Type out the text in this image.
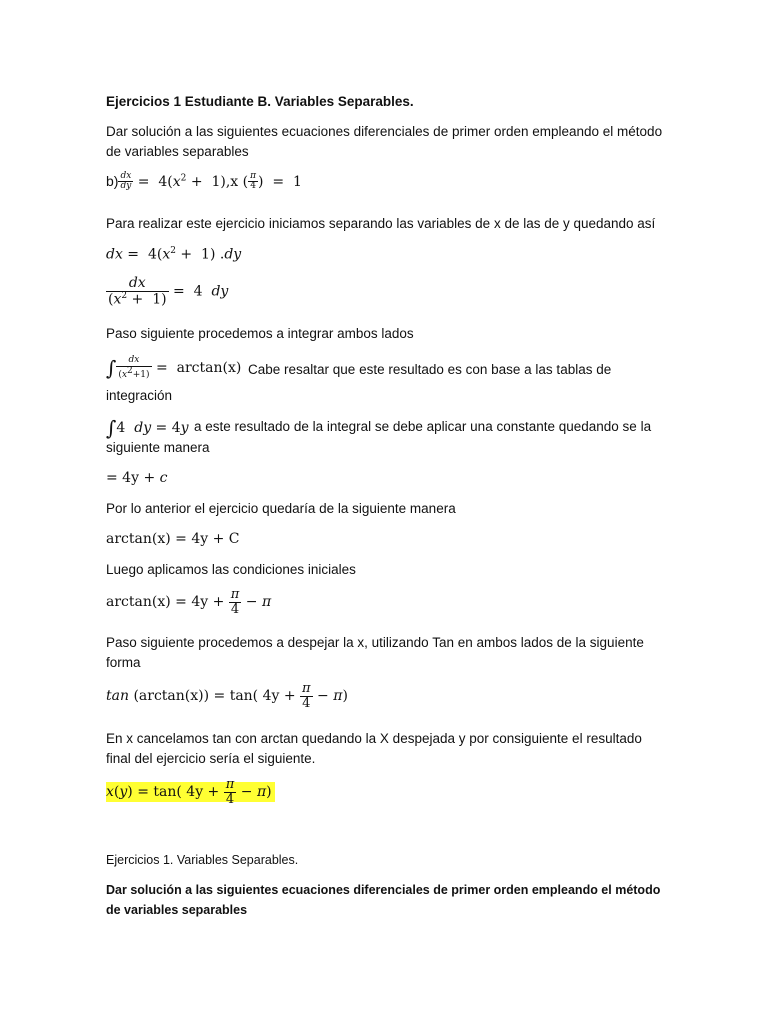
Ejercicios 1 Estudiante B. Variables Separables.
Dar solución a las siguientes ecuaciones diferenciales de primer orden empleando el método de variables separables
$b) \frac{dx}{dy} = 4(x^2 + 1),x$ ( $\frac{\pi}{4}$ )  =  1
Para realizar este ejercicio iniciamos separando las variables de x de las de y quedando así
dx =  $4(x^2 + 1)$ .dy
$\frac{dx}{(x^2 + 1)} = 4$  dy
Paso siguiente procedemos a integrar ambos lados
∫ $\frac{dx}{(x^2+1)} = \arctan(x)$ Cabe resaltar que este resultado es con base a las tablas de
integración
∫4  dy = 4y a este resultado de la integral se debe aplicar una constante quedando se la
siguiente manera
= 4y + c
Por lo anterior el ejercicio quedaría de la siguiente manera
arctan(x) = 4y + C
Luego aplicamos las condiciones iniciales
$\arctan(x) = 4y + \frac{\pi}{4} - \pi$
Paso siguiente procedemos a despejar la x, utilizando Tan en ambos lados de la siguiente forma
tan (arctan(x)) = tan( $4y + \frac{\pi}{4} - \pi$)
En x cancelamos tan con arctan quedando la X despejada y por consiguiente el resultado final del ejercicio sería el siguiente.
x(y) = tan( $4y + \frac{\pi}{4} - \pi$)
Ejercicios 1. Variables Separables.
Dar solución a las siguientes ecuaciones diferenciales de primer orden empleando el método de variables separables
